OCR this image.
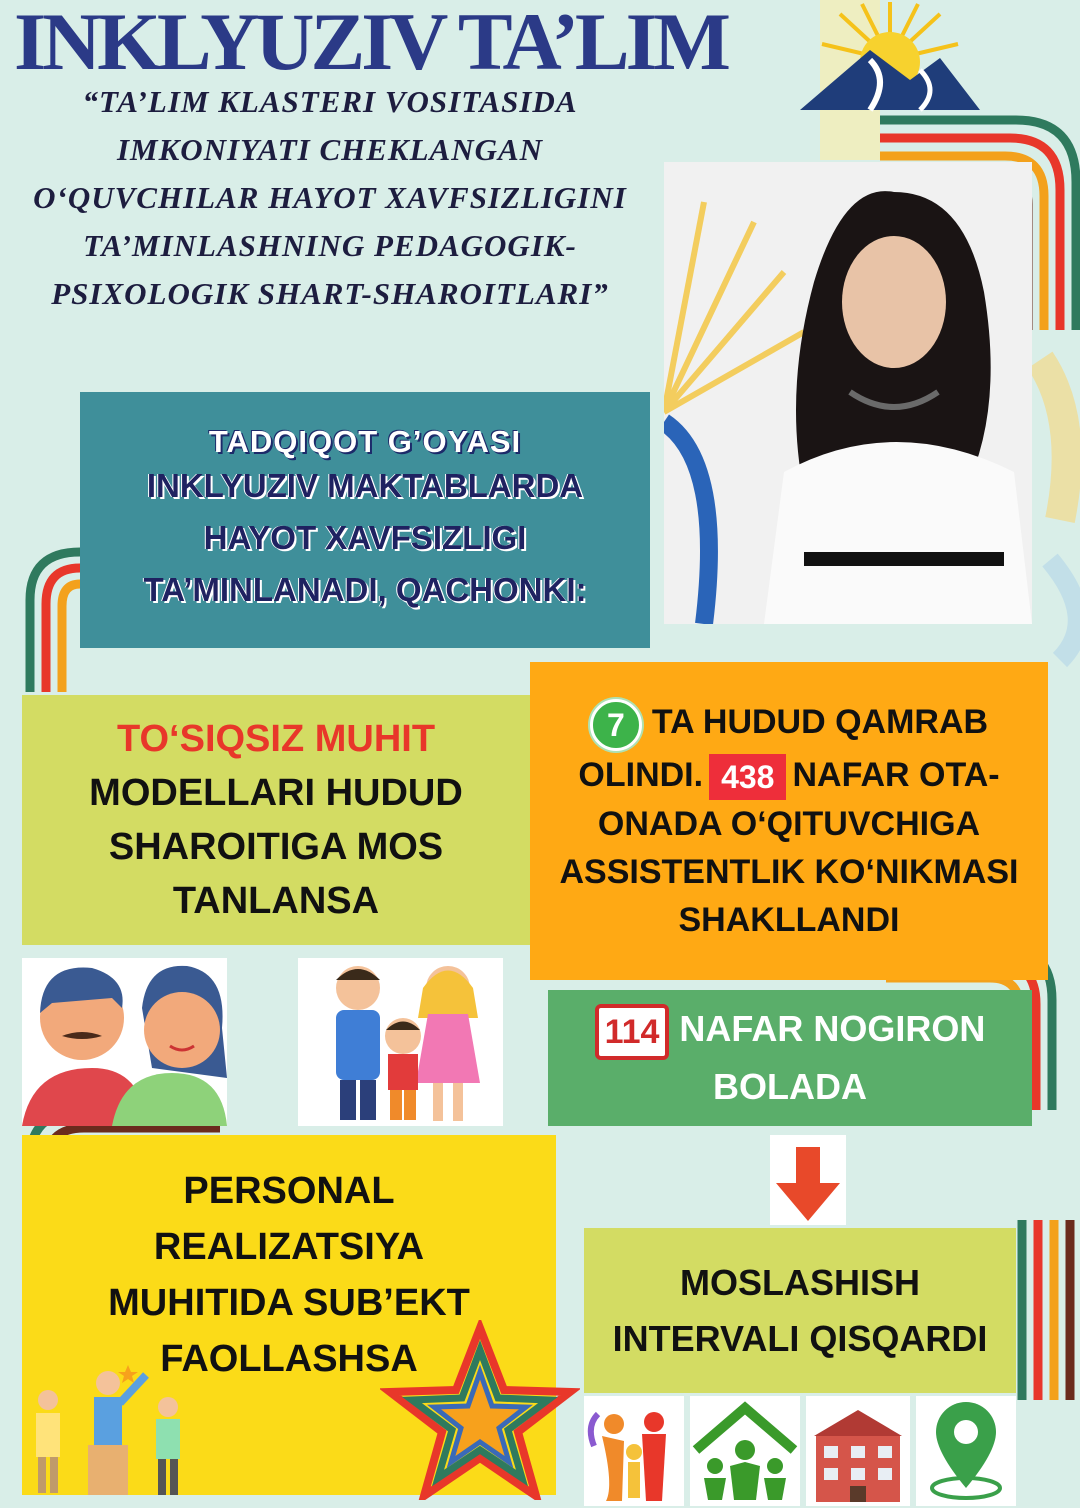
INKLYUZIV TA’LIM
“TA’LIM KLASTERI VOSITASIDA IMKONIYATI CHEKLANGAN O‘QUVCHILAR HAYOT XAVFSIZLIGINI TA’MINLASHNING PEDAGOGIK-PSIXOLOGIK SHART-SHAROITLARI”
TADQIQOT G’OYASI
INKLYUZIV MAKTABLARDA
HAYOT XAVFSIZLIGI
TA’MINLANADI, QACHONKI:
TO‘SIQSIZ MUHIT
MODELLARI HUDUD
SHAROITIGA MOS
TANLANSA
7 TA HUDUD QAMRAB
OLINDI. 438 NAFAR OTA-
ONADA O‘QITUVCHIGA
ASSISTENTLIK KO‘NIKMASI
SHAKLLANDI
114 NAFAR NOGIRON
BOLADA
PERSONAL
REALIZATSIYA
MUHITIDA SUB’EKT
FAOLLASHSA
MOSLASHISH
INTERVALI QISQARDI
